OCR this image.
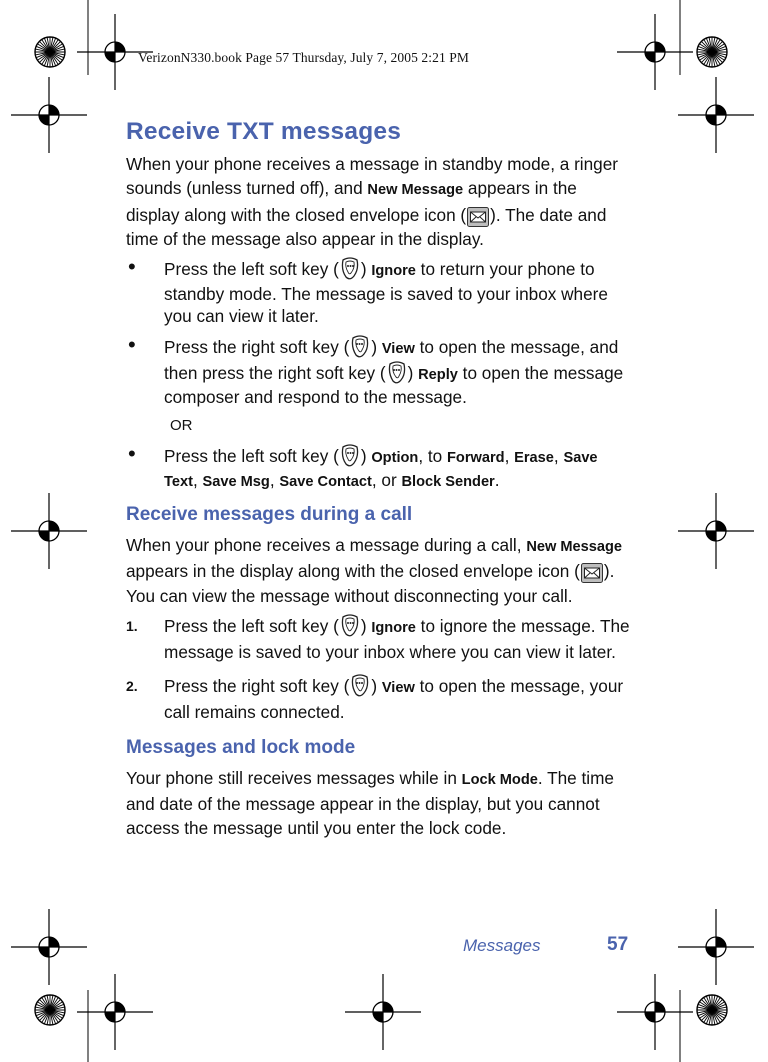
VerizonN330.book Page 57 Thursday, July 7, 2005 2:21 PM
Receive TXT messages

When your phone receives a message in standby mode, a ringer sounds (unless turned off), and New Message appears in the display along with the closed envelope icon ( ). The date and time of the message also appear in the display.

•	Press the left soft key ( ) Ignore to return your phone to standby mode. The message is saved to your inbox where you can view it later.
•	Press the right soft key ( ) View to open the message, and then press the right soft key ( ) Reply to open the message composer and respond to the message.
OR
•	Press the left soft key ( ) Option, to Forward, Erase, Save Text, Save Msg, Save Contact, or Block Sender.
Receive messages during a call

When your phone receives a message during a call, New Message appears in the display along with the closed envelope icon ( ). You can view the message without disconnecting your call.

1.	Press the left soft key ( ) Ignore to ignore the message. The message is saved to your inbox where you can view it later.
2.	Press the right soft key ( ) View to open the message, your call remains connected.
Messages and lock mode

Your phone still receives messages while in Lock Mode. The time and date of the message appear in the display, but you cannot access the message until you enter the lock code.

Messages	57
